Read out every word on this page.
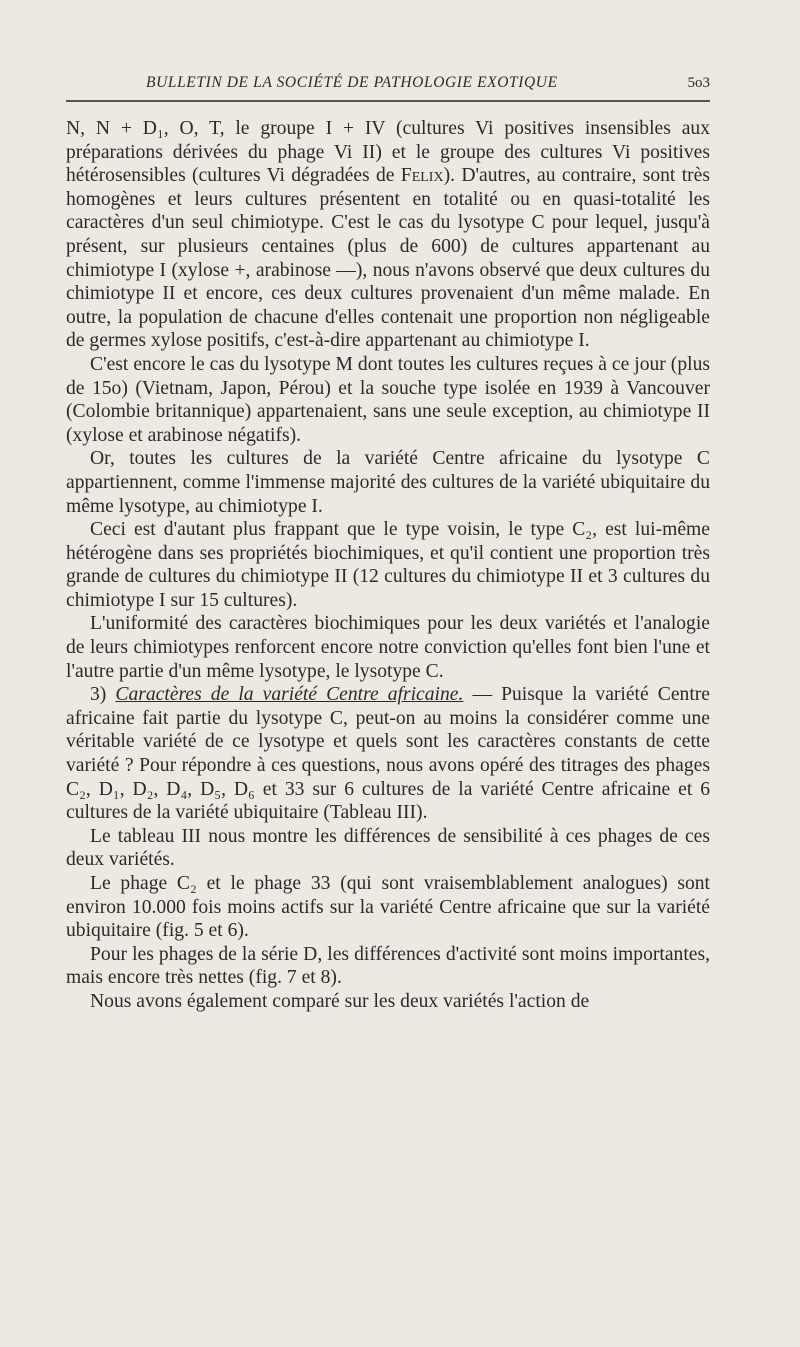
BULLETIN DE LA SOCIÉTÉ DE PATHOLOGIE EXOTIQUE	5o3

N, N + D₁, O, T, le groupe I + IV (cultures Vi positives insensibles aux préparations dérivées du phage Vi II) et le groupe des cultures Vi positives hétérosensibles (cultures Vi dégradées de Felix). D'autres, au contraire, sont très homogènes et leurs cultures présentent en totalité ou en quasi-totalité les caractères d'un seul chimiotype. C'est le cas du lysotype C pour lequel, jusqu'à présent, sur plusieurs centaines (plus de 600) de cultures appartenant au chimiotype I (xylose +, arabinose —), nous n'avons observé que deux cultures du chimiotype II et encore, ces deux cultures provenaient d'un même malade. En outre, la population de chacune d'elles contenait une proportion non négligeable de germes xylose positifs, c'est-à-dire appartenant au chimiotype I.

C'est encore le cas du lysotype M dont toutes les cultures reçues à ce jour (plus de 15o) (Vietnam, Japon, Pérou) et la souche type isolée en 1939 à Vancouver (Colombie britannique) appartenaient, sans une seule exception, au chimiotype II (xylose et arabinose négatifs).

Or, toutes les cultures de la variété Centre africaine du lysotype C appartiennent, comme l'immense majorité des cultures de la variété ubiquitaire du même lysotype, au chimiotype I.

Ceci est d'autant plus frappant que le type voisin, le type C₂, est lui-même hétérogène dans ses propriétés biochimiques, et qu'il contient une proportion très grande de cultures du chimiotype II (12 cultures du chimiotype II et 3 cultures du chimiotype I sur 15 cultures).

L'uniformité des caractères biochimiques pour les deux variétés et l'analogie de leurs chimiotypes renforcent encore notre conviction qu'elles font bien l'une et l'autre partie d'un même lysotype, le lysotype C.

3) Caractères de la variété Centre africaine. — Puisque la variété Centre africaine fait partie du lysotype C, peut-on au moins la considérer comme une véritable variété de ce lysotype et quels sont les caractères constants de cette variété ? Pour répondre à ces questions, nous avons opéré des titrages des phages C₂, D₁, D₂, D₄, D₅, D₆ et 33 sur 6 cultures de la variété Centre africaine et 6 cultures de la variété ubiquitaire (Tableau III).

Le tableau III nous montre les différences de sensibilité à ces phages de ces deux variétés.

Le phage C₂ et le phage 33 (qui sont vraisemblablement analogues) sont environ 10.000 fois moins actifs sur la variété Centre africaine que sur la variété ubiquitaire (fig. 5 et 6).

Pour les phages de la série D, les différences d'activité sont moins importantes, mais encore très nettes (fig. 7 et 8).

Nous avons également comparé sur les deux variétés l'action de
